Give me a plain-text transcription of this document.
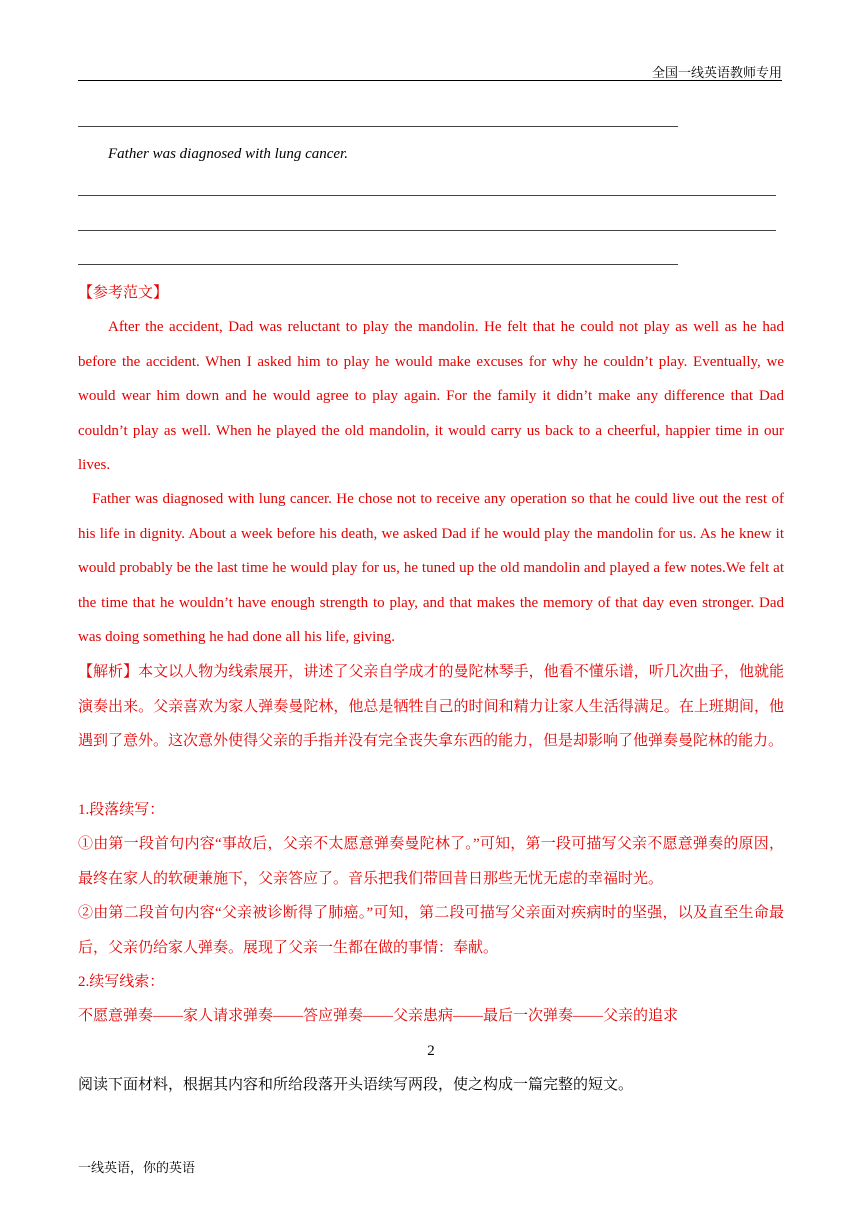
全国一线英语教师专用
Father was diagnosed with lung cancer.
【参考范文】
After the accident, Dad was reluctant to play the mandolin. He felt that he could not play as well as he had before the accident. When I asked him to play he would make excuses for why he couldn’t play. Eventually, we would wear him down and he would agree to play again. For the family it didn’t make any difference that Dad couldn’t play as well. When he played the old mandolin, it would carry us back to a cheerful, happier time in our lives.
Father was diagnosed with lung cancer. He chose not to receive any operation so that he could live out the rest of his life in dignity. About a week before his death, we asked Dad if he would play the mandolin for us. As he knew it would probably be the last time he would play for us, he tuned up the old mandolin and played a few notes.We felt at the time that he wouldn’t have enough strength to play, and that makes the memory of that day even stronger. Dad was doing something he had done all his life, giving.
【解析】本文以人物为线索展开，讲述了父亲自学成才的曼陀林琴手，他看不懂乐谱，听几次曲子，他就能演奏出来。父亲喜欢为家人弹奏曼陀林，他总是牺牲自己的时间和精力让家人生活得满足。在上班期间，他遇到了意外。这次意外使得父亲的手指并没有完全丧失拿东西的能力，但是却影响了他弹奏曼陀林的能力。
1.段落续写：
①由第一段首句内容“事故后，父亲不太愿意弹奏曼陀林了。”可知，第一段可描写父亲不愿意弹奏的原因，最终在家人的软硬兼施下，父亲答应了。音乐把我们带回昔日那些无忧无虑的幸福时光。
②由第二段首句内容“父亲被诊断得了肺癌。”可知，第二段可描写父亲面对疾病时的坚强，以及直至生命最后，父亲仍给家人弹奏。展现了父亲一生都在做的事情：奉献。
2.续写线索：
不愿意弹奏——家人请求弹奏——答应弹奏——父亲患病——最后一次弹奏——父亲的追求
2
阅读下面材料，根据其内容和所给段落开头语续写两段，使之构成一篇完整的短文。
一线英语，你的英语
